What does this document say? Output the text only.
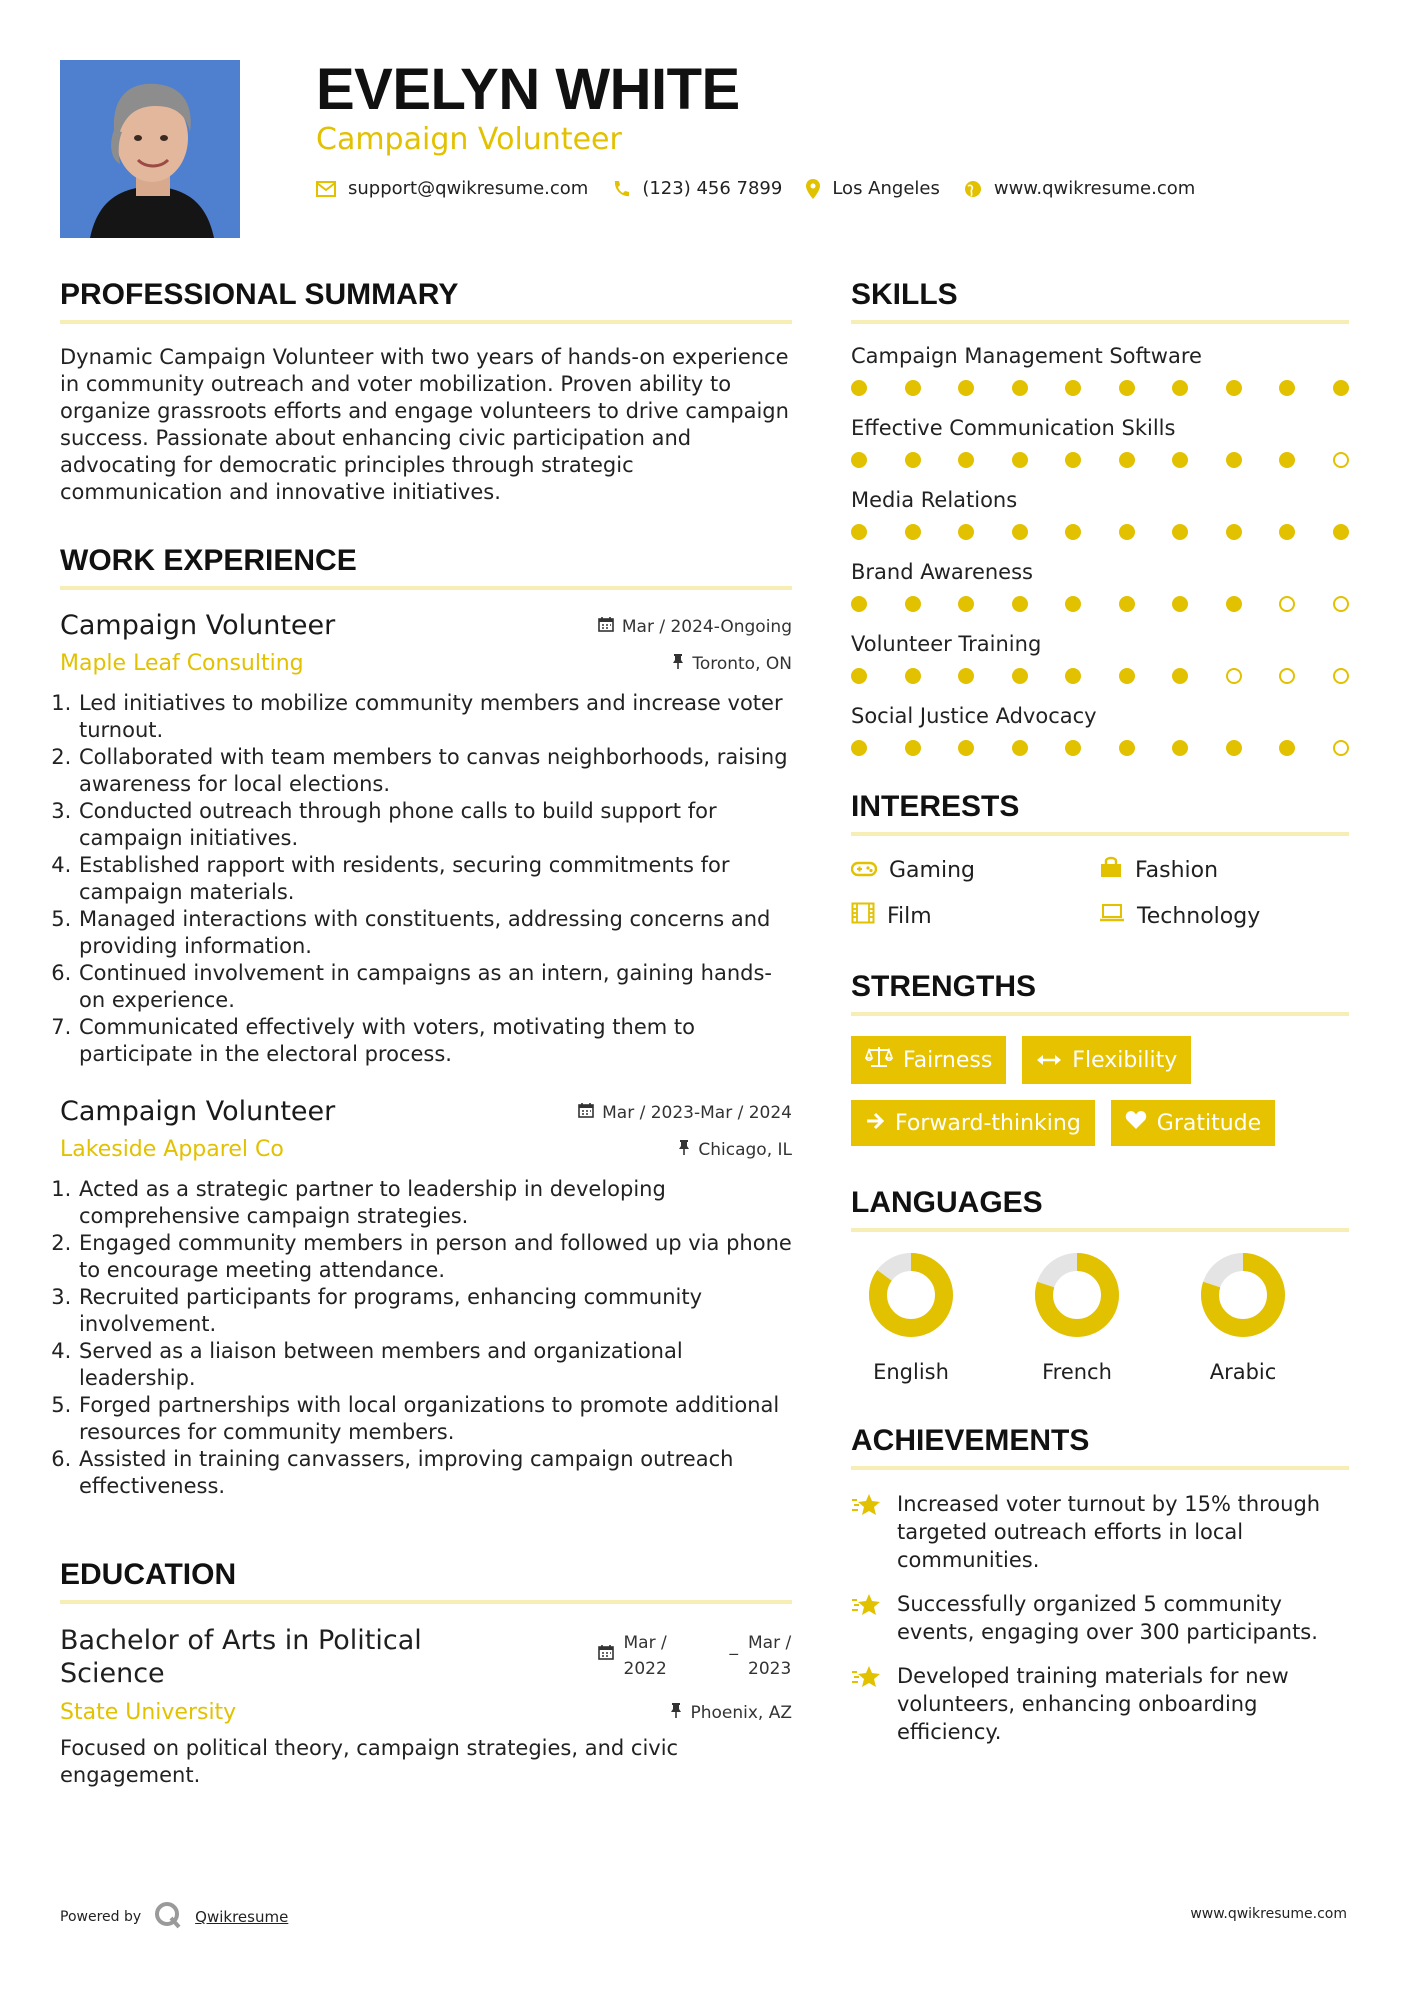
EVELYN WHITE
Campaign Volunteer
support@qwikresume.com	(123) 456 7899	Los Angeles	www.qwikresume.com
PROFESSIONAL SUMMARY

Dynamic Campaign Volunteer with two years of hands-on experience in community outreach and voter mobilization. Proven ability to organize grassroots efforts and engage volunteers to drive campaign success. Passionate about enhancing civic participation and advocating for democratic principles through strategic communication and innovative initiatives.

WORK EXPERIENCE
Campaign Volunteer	Mar / 2024-Ongoing
Maple Leaf Consulting	Toronto, ON
1. Led initiatives to mobilize community members and increase voter turnout.
2. Collaborated with team members to canvas neighborhoods, raising awareness for local elections.
3. Conducted outreach through phone calls to build support for campaign initiatives.
4. Established rapport with residents, securing commitments for campaign materials.
5. Managed interactions with constituents, addressing concerns and providing information.
6. Continued involvement in campaigns as an intern, gaining hands-on experience.
7. Communicated effectively with voters, motivating them to participate in the electoral process.
Campaign Volunteer	Mar / 2023-Mar / 2024
Lakeside Apparel Co	Chicago, IL
1. Acted as a strategic partner to leadership in developing comprehensive campaign strategies.
2. Engaged community members in person and followed up via phone to encourage meeting attendance.
3. Recruited participants for programs, enhancing community involvement.
4. Served as a liaison between members and organizational leadership.
5. Forged partnerships with local organizations to promote additional resources for community members.
6. Assisted in training canvassers, improving campaign outreach effectiveness.
EDUCATION
Bachelor of Arts in Political Science
Mar /
2022
_ Mar /
2023
State University	Phoenix, AZ

Focused on political theory, campaign strategies, and civic engagement.

SKILLS
Campaign Management Software
Effective Communication Skills
Media Relations
Brand Awareness
Volunteer Training
Social Justice Advocacy
INTERESTS
Gaming	Fashion
Film	Technology
STRENGTHS
Fairness	Flexibility
Forward-thinking	Gratitude
LANGUAGES
English	French	Arabic
ACHIEVEMENTS
Increased voter turnout by 15% through targeted outreach efforts in local communities.
Successfully organized 5 community events, engaging over 300 participants.
Developed training materials for new volunteers, enhancing onboarding efficiency.
Powered by	Qwikresume	www.qwikresume.com
